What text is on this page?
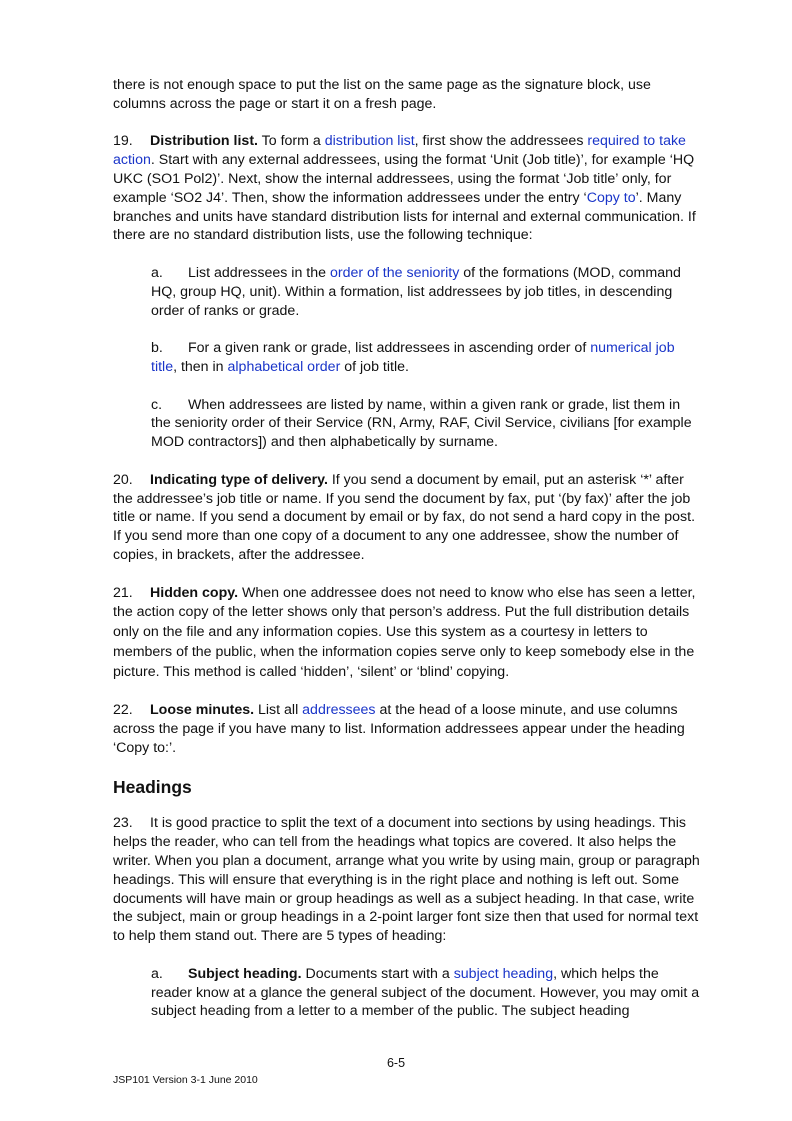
there is not enough space to put the list on the same page as the signature block, use columns across the page or start it on a fresh page.

19. Distribution list. To form a distribution list, first show the addressees required to take action. Start with any external addressees, using the format ‘Unit (Job title)’, for example ‘HQ UKC (SO1 Pol2)’. Next, show the internal addressees, using the format ‘Job title’ only, for example ‘SO2 J4’. Then, show the information addressees under the entry ‘Copy to’. Many branches and units have standard distribution lists for internal and external communication. If there are no standard distribution lists, use the following technique:

a. List addressees in the order of the seniority of the formations (MOD, command HQ, group HQ, unit). Within a formation, list addressees by job titles, in descending order of ranks or grade.

b. For a given rank or grade, list addressees in ascending order of numerical job title, then in alphabetical order of job title.

c. When addressees are listed by name, within a given rank or grade, list them in the seniority order of their Service (RN, Army, RAF, Civil Service, civilians [for example MOD contractors]) and then alphabetically by surname.

20. Indicating type of delivery. If you send a document by email, put an asterisk ‘*’ after the addressee’s job title or name. If you send the document by fax, put ‘(by fax)’ after the job title or name. If you send a document by email or by fax, do not send a hard copy in the post. If you send more than one copy of a document to any one addressee, show the number of copies, in brackets, after the addressee.

21. Hidden copy. When one addressee does not need to know who else has seen a letter, the action copy of the letter shows only that person’s address. Put the full distribution details only on the file and any information copies. Use this system as a courtesy in letters to members of the public, when the information copies serve only to keep somebody else in the picture. This method is called ‘hidden’, ‘silent’ or ‘blind’ copying.

22. Loose minutes. List all addressees at the head of a loose minute, and use columns across the page if you have many to list. Information addressees appear under the heading ‘Copy to:’.

Headings

23. It is good practice to split the text of a document into sections by using headings. This helps the reader, who can tell from the headings what topics are covered. It also helps the writer. When you plan a document, arrange what you write by using main, group or paragraph headings. This will ensure that everything is in the right place and nothing is left out. Some documents will have main or group headings as well as a subject heading. In that case, write the subject, main or group headings in a 2-point larger font size then that used for normal text to help them stand out. There are 5 types of heading:

a. Subject heading. Documents start with a subject heading, which helps the reader know at a glance the general subject of the document. However, you may omit a subject heading from a letter to a member of the public. The subject heading

6-5
JSP101 Version 3-1 June 2010
